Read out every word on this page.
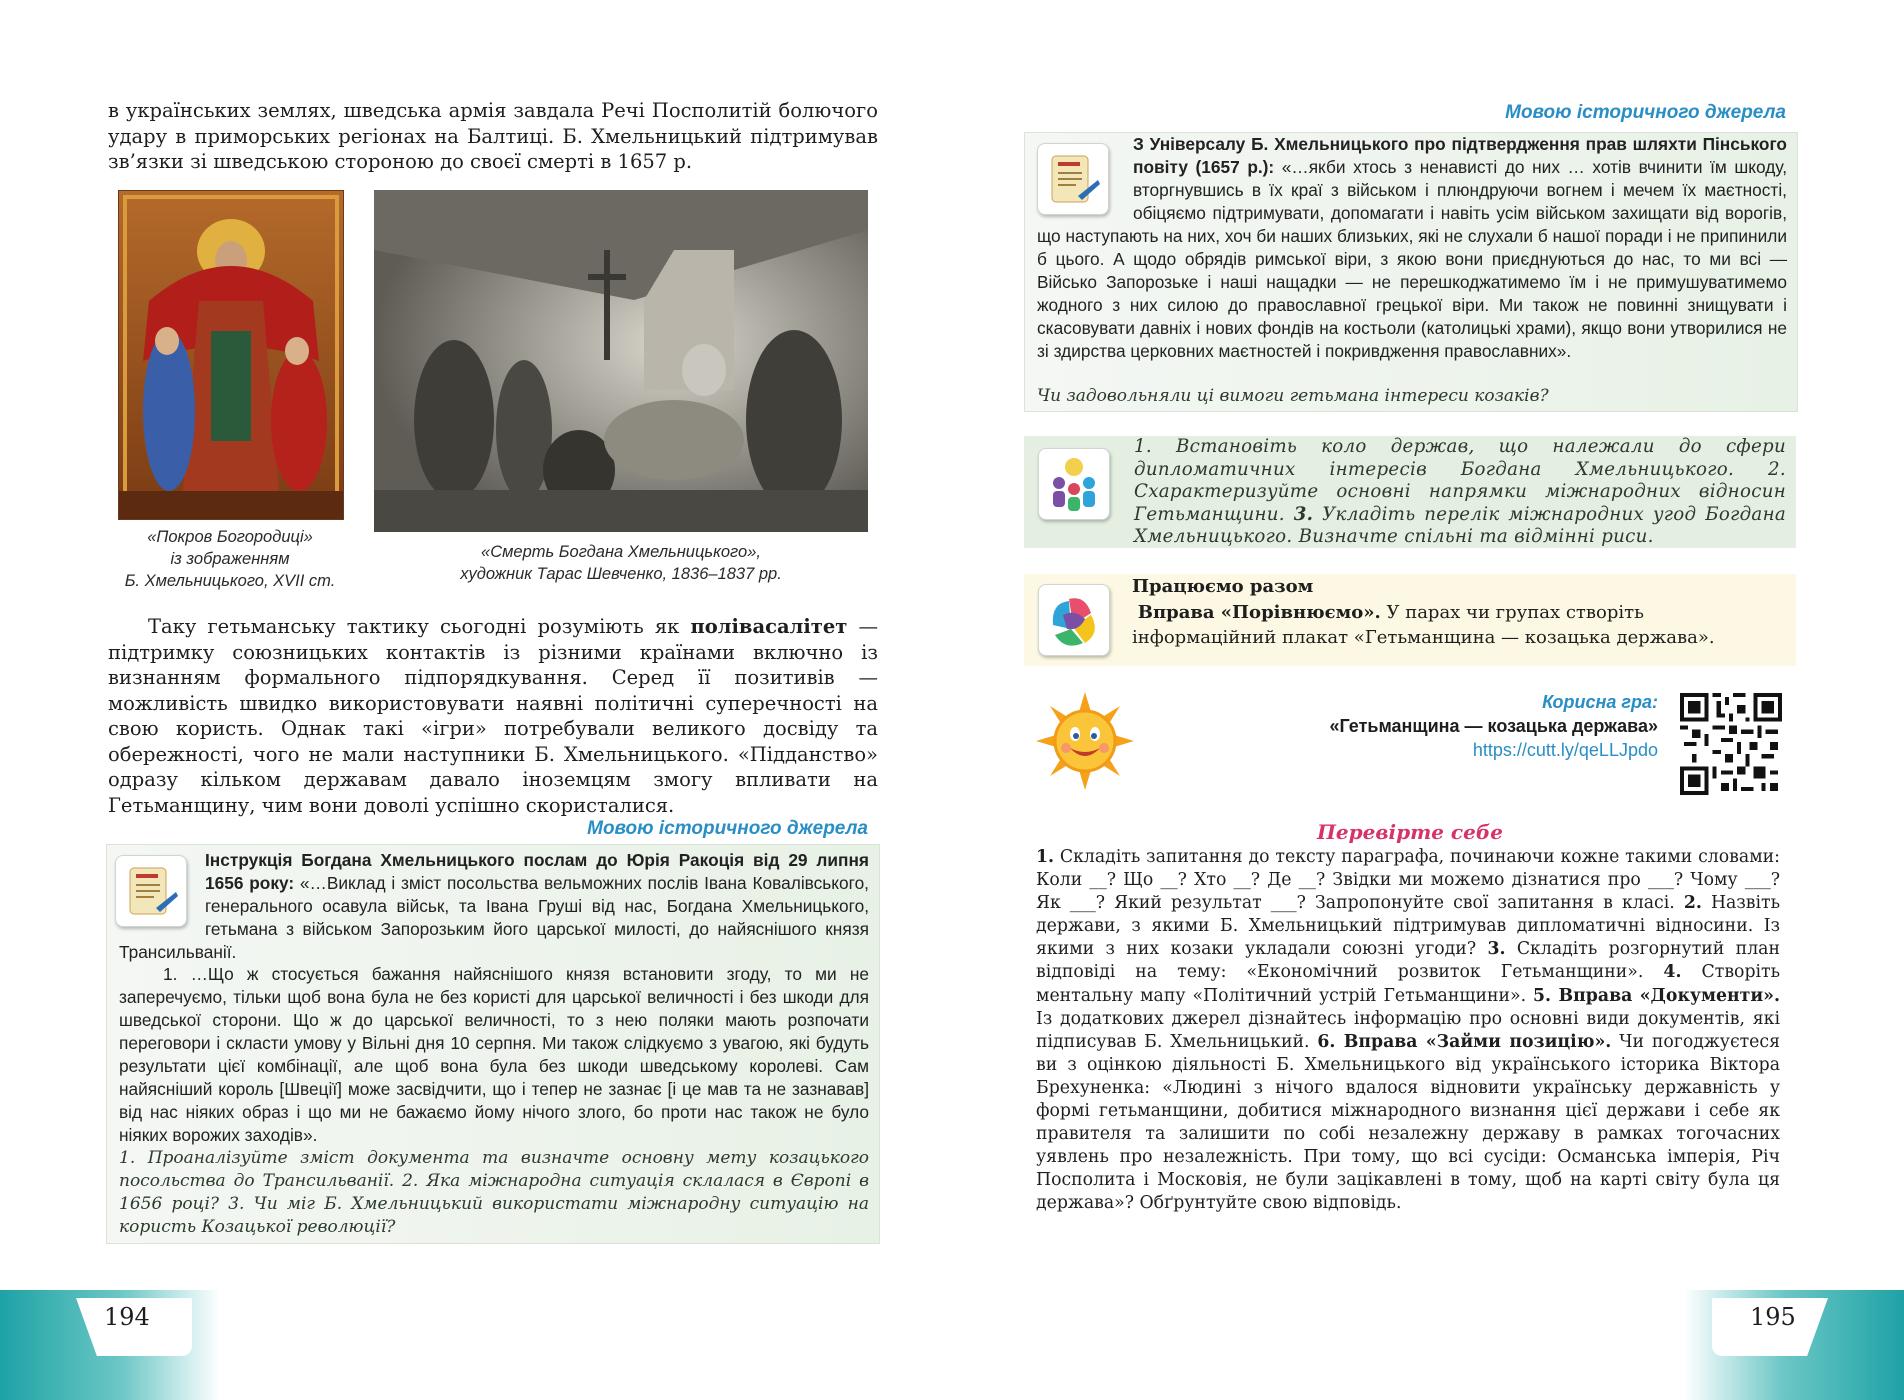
в українських землях, шведська армія завдала Речі Посполитій болючого удару в приморських регіонах на Балтиці. Б. Хмельницький підтримував зв’язки зі шведською стороною до своєї смерті в 1657 р.

«Покров Богородиці»
із зображенням
Б. Хмельницького, XVII ст.
«Смерть Богдана Хмельницького»,
художник Тарас Шевченко, 1836–1837 рр.

Таку гетьманську тактику сьогодні розуміють як полівасалітет — підтримку союзницьких контактів із різними країнами включно із визнанням формального підпорядкування. Серед її позитивів — можливість швидко використовувати наявні політичні суперечності на свою користь. Однак такі «ігри» потребували великого досвіду та обережності, чого не мали наступники Б. Хмельницького. «Підданство» одразу кільком державам давало іноземцям змогу впливати на Гетьманщину, чим вони доволі успішно скористалися.

Мовою історичного джерела
Інструкція Богдана Хмельницького послам до Юрія Ракоція від 29 липня 1656 року: «…Виклад і зміст посольства вельможних послів Івана Ковалівського, генерального осавула військ, та Івана Груші від нас, Богдана Хмельницького, гетьмана з військом Запорозьким його царської милості, до найяснішого князя Трансильванії.
1. …Що ж стосується бажання найяснішого князя встановити згоду, то ми не заперечуємо, тільки щоб вона була не без користі для царської величності і без шкоди для шведської сторони. Що ж до царської величності, то з нею поляки мають розпочати переговори і скласти умову у Вільні дня 10 серпня. Ми також слідкуємо з увагою, які будуть результати цієї комбінації, але щоб вона була без шкоди шведському королеві. Сам найясніший король [Швеції] може засвідчити, що і тепер не зазнає [і це мав та не зазнавав] від нас ніяких образ і що ми не бажаємо йому нічого злого, бо проти нас також не було ніяких ворожих заходів».
1. Проаналізуйте зміст документа та визначте основну мету козацького посольства до Трансильванії. 2. Яка міжнародна ситуація склалася в Європі в 1656 році? 3. Чи міг Б. Хмельницький використати міжнародну ситуацію на користь Козацької революції?
194
Мовою історичного джерела
З Універсалу Б. Хмельницького про підтвердження прав шляхти Пінського повіту (1657 р.): «…якби хтось з ненависті до них … хотів вчинити їм шкоду, вторгнувшись в їх краї з військом і плюндруючи вогнем і мечем їх маєтності, обіцяємо підтримувати, допомагати і навіть усім військом захищати від ворогів, що наступають на них, хоч би наших близьких, які не слухали б нашої поради і не припинили б цього. А щодо обрядів римської віри, з якою вони приєднуються до нас, то ми всі — Військо Запорозьке і наші нащадки — не перешкоджатимемо їм і не примушуватимемо жодного з них силою до православної грецької віри. Ми також не повинні знищувати і скасовувати давніх і нових фондів на костьоли (католицькі храми), якщо вони утворилися не зі здирства церковних маєтностей і покривдження православних».
Чи задовольняли ці вимоги гетьмана інтереси козаків?
1. Встановіть коло держав, що належали до сфери дипломатичних інтересів Богдана Хмельницького. 2. Схарактеризуйте основні напрямки міжнародних відносин Гетьманщини. 3. Укладіть перелік міжнародних угод Богдана Хмельницького. Визначте спільні та відмінні риси.
Працюємо разом
Вправа «Порівнюємо». У парах чи групах створіть інформаційний плакат «Гетьманщина — козацька держава».
Корисна гра:
«Гетьманщина — козацька держава»
https://cutt.ly/qeLLJpdo
Перевірте себе

1. Складіть запитання до тексту параграфа, починаючи кожне такими словами: Коли __? Що __? Хто __? Де __? Звідки ми можемо дізнатися про ___? Чому ___? Як ___? Який результат ___? Запропонуйте свої запитання в класі. 2. Назвіть держави, з якими Б. Хмельницький підтримував дипломатичні відносини. Із якими з них козаки укладали союзні угоди? 3. Складіть розгорнутий план відповіді на тему: «Економічний розвиток Гетьманщини». 4. Створіть ментальну мапу «Політичний устрій Гетьманщини». 5. Вправа «Документи». Із додаткових джерел дізнайтесь інформацію про основні види документів, які підписував Б. Хмельницький. 6. Вправа «Займи позицію». Чи погоджуєтеся ви з оцінкою діяльності Б. Хмельницького від українського історика Віктора Брехуненка: «Людині з нічого вдалося відновити українську державність у формі гетьманщини, добитися міжнародного визнання цієї держави і себе як правителя та залишити по собі незалежну державу в рамках тогочасних уявлень про незалежність. При тому, що всі сусіди: Османська імперія, Річ Посполита і Московія, не були зацікавлені в тому, щоб на карті світу була ця держава»? Обґрунтуйте свою відповідь.

195
